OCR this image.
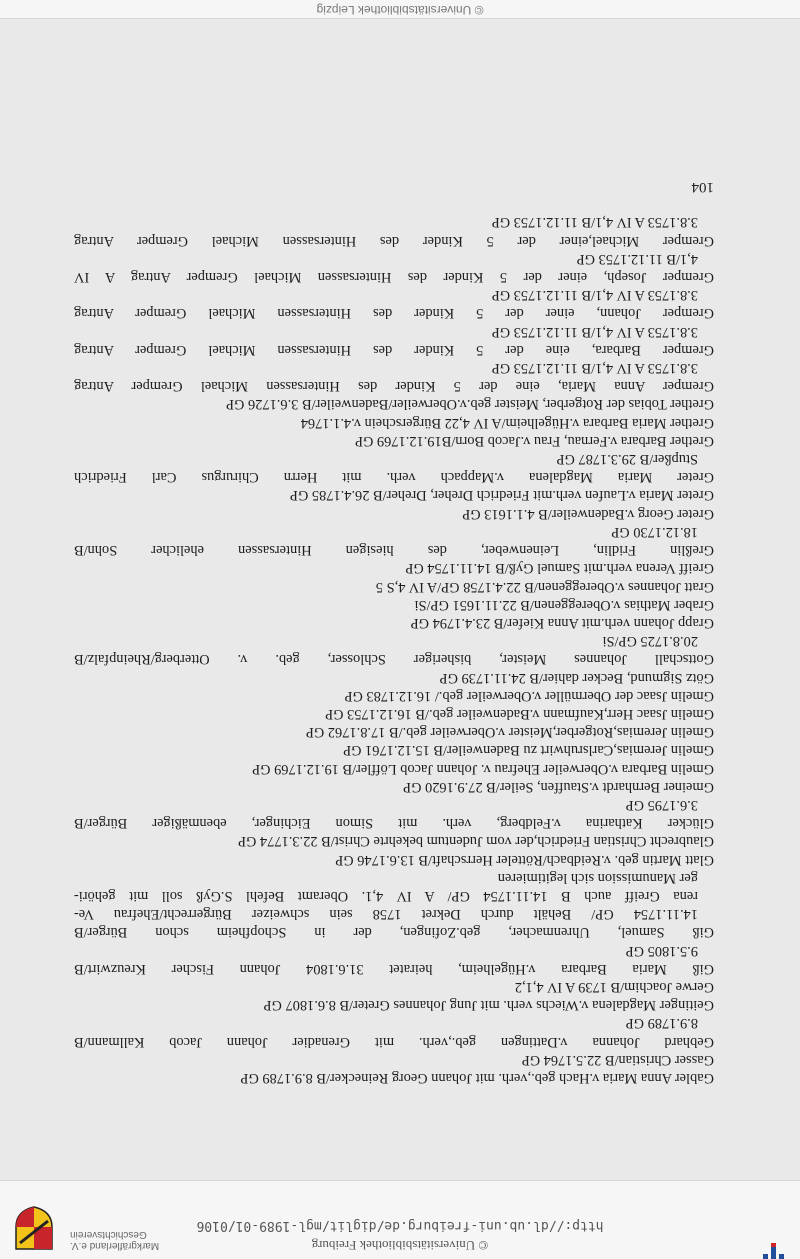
© Universitätsbibliothek Freiburg
http://dl.ub.uni-freiburg.de/diglit/mgl-1989-01/0106
Markgräflerland e.V.
Geschichtsverein
Gabler Anna Maria v.Hach geb.,verh. mit Johann Georg Reinecker/B 8.9.1789 GP
Gasser Christian/B 22.5.1764 GP
Gebhard Johanna v.Dattingen geb.,verh. mit Grenadier Johann Jacob Kallmann/B
8.9.1789 GP
Geitinger Magdalena v.Wiechs verh. mit Jung Johannes Greter/B 8.6.1807 GP
Gerwe Joachim/B 1739 A IV 4,1,2
Giß Maria Barbara v.Hügelheim, heiratet 31.6.1804 Johann Fischer Kreuzwirt/B
9.5.1805 GP
Giß Samuel, Uhrenmacher, geb.Zofingen, der in Schopfheim schon Bürger/B
14.11.1754 GP/ Behält durch Dekret 1758 sein schweizer Bürgerrecht/Ehefrau Ve-
rena Greiff auch B 14.11.1754 GP/ A IV 4,1. Oberamt Befehl S.Gyß soll mit gehöri-
ger Manumission sich legitimieren
Glatt Martin geb. v.Reidbach/Rötteler Herrschaft/B 13.6.1746 GP
Glaubrecht Christian Friedrich,der vom Judentum bekehrte Christ/B 22.3.1774 GP
Glücker Katharina v.Feldberg, verh. mit Simon Eichinger, ebenmäßiger Bürger/B
3.6.1795 GP
Gmeiner Bernhardt v.Stauffen, Seiler/B 27.9.1620 GP
Gmelin Barbara v.Oberweiler Ehefrau v. Johann Jacob Löffler/B 19.12.1769 GP
Gmelin Jeremias,Carlsruhwirt zu Badenweiler/B 15.12.1761 GP
Gmelin Jeremias,Rotgerber,Meister v.Oberweiler geb./B 17.8.1762 GP
Gmelin Jsaac Herr,Kaufmann v.Badenweiler geb./B 16.12.1753 GP
Gmelin Jsaac der Obermüller v.Oberweiler geb./ 16.12.1783 GP
Götz Sigmund, Becker dahier/B 24.11.1739 GP
Gottschall Johannes Meister, bisheriger Schlosser, geb. v. Otterberg/Rheinpfalz/B
20.8.1725 GP/Si
Grapp Johann verh.mit Anna Kiefer/B 23.4.1794 GP
Graber Mathias v.Obereggenen/B 22.11.1651 GP/Si
Gratt Johannes v.Obereggenen/B 22.4.1758 GP/A IV 4,S 5
Greiff Verena verh.mit Samuel Gyß/B 14.11.1754 GP
Greßlin Fridlin, Leinenweber, des hiesigen Hintersassen ehelicher Sohn/B
18.12.1730 GP
Greter Georg v.Badenweiler/B 4.1.1613 GP
Greter Maria v.Laufen verh.mit Friedrich Dreher, Dreher/B 26.4.1785 GP
Greter Maria Magdalena v.Mappach verh. mit Herrn Chirurgus Carl Friedrich
Stupßer/B 29.3.1787 GP
Grether Barbara v.Fernau, Frau v.Jacob Born/B19.12.1769 GP
Grether Maria Barbara v.Hügelheim/A IV 4,22 Bürgerschein v.4.1.1764
Grether Tobias der Rotgerber, Meister geb.v.Oberweiler/Badenweiler/B 3.6.1726 GP
Gremper Anna Maria, eine der 5 Kinder des Hintersassen Michael Gremper Antrag
3.8.1753 A IV 4,1/B 11.12.1753 GP
Gremper Barbara, eine der 5 Kinder des Hintersassen Michael Gremper Antrag
3.8.1753 A IV 4,1/B 11.12.1753 GP
Gremper Johann, einer der 5 Kinder des Hintersassen Michael Gremper Antrag
3.8.1753 A IV 4,1/B 11.12.1753 GP
Gremper Joseph, einer der 5 Kinder des Hintersassen Michael Gremper Antrag A IV
4,1/B 11.12.1753 GP
Gremper Michael,einer der 5 Kinder des Hintersassen Michael Gremper Antrag
3.8.1753 A IV 4,1/B 11.12.1753 GP
104
© Universitätsbibliothek Leipzig
